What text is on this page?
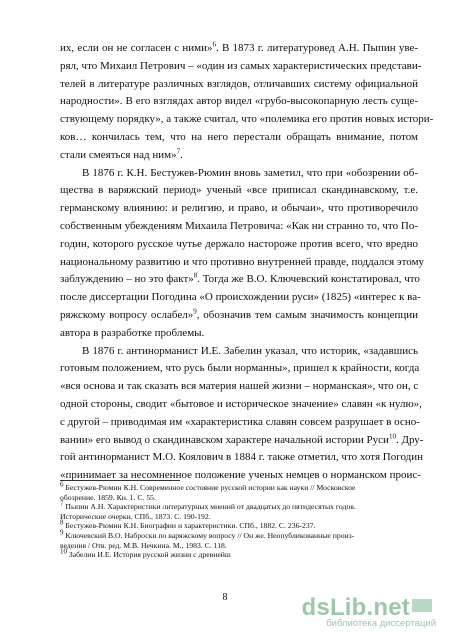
их, если он не согласен с ними»$^6$. В 1873 г. литературовед А.Н. Пыпин уве-
рял, что Михаил Петрович – «один из самых характеристических представи-
телей в литературе различных взглядов, отличавших систему официальной
народности». В его взглядах автор видел «грубо-высокопарную лесть суще-
ствующему порядку», а также считал, что «полемика его против новых истори-
ков… кончилась тем, что на него перестали обращать внимание, потом
стали смеяться над ним»$^7$.

В 1876 г. К.Н. Бестужев-Рюмин вновь заметил, что при «обозрении об-
щества в варяжский период» ученый «все приписал скандинавскому, т.е.
германскому влиянию: и религию, и право, и обычаи», что противоречило
собственным убеждениям Михаила Петровича: «Как ни странно то, что По-
годин, которого русское чутье держало настороже против всего, что вредно
национальному развитию и что противно внутренней правде, поддался этому
заблуждению – но это факт»$^8$. Тогда же В.О. Ключевский констатировал, что
после диссертации Погодина «О происхождении руси» (1825) «интерес к ва-
ряжскому вопросу ослабел»$^9$, обозначив тем самым значимость концепции
автора в разработке проблемы.

В 1876 г. антинорманист И.Е. Забелин указал, что историк, «задавшись
готовым положением, что русь были норманны», пришел к крайности, когда
«вся основа и так сказать вся материя нашей жизни – норманская», что он, с
одной стороны, сводит «бытовое и историческое значение» славян «к нулю»,
с другой – приводимая им «характеристика славян совсем разрушает в осно-
вании» его вывод о скандинавском характере начальной истории Руси$^{10}$. Дру-
гой антинорманист М.О. Коялович в 1884 г. также отметил, что хотя Погодин
«принимает за несомненное положение ученых немцев о норманском проис-

$^6$ Бестужев-Рюмин К.Н. Современное состояние русской истории как науки // Московское
обозрение. 1859. Кн. 1. С. 55.

$^7$ Пыпин А.Н. Характеристики литературных мнений от двадцатых до пятидесятых годов.
Исторические очерки. СПб., 1873. С. 190-192.

$^8$ Бестужев-Рюмин К.Н. Биографии и характеристики. СПб., 1882. С. 236-237.

$^9$ Ключевский В.О. Наброски по варяжскому вопросу // Он же. Неопубликованные произ-
ведения / Отв. ред. М.В. Нечкина. М., 1983. С. 118.

$^{10}$ Забелин И.Е. История русской жизни с древнейш

8	dsLib.net
библиотека диссертаций
